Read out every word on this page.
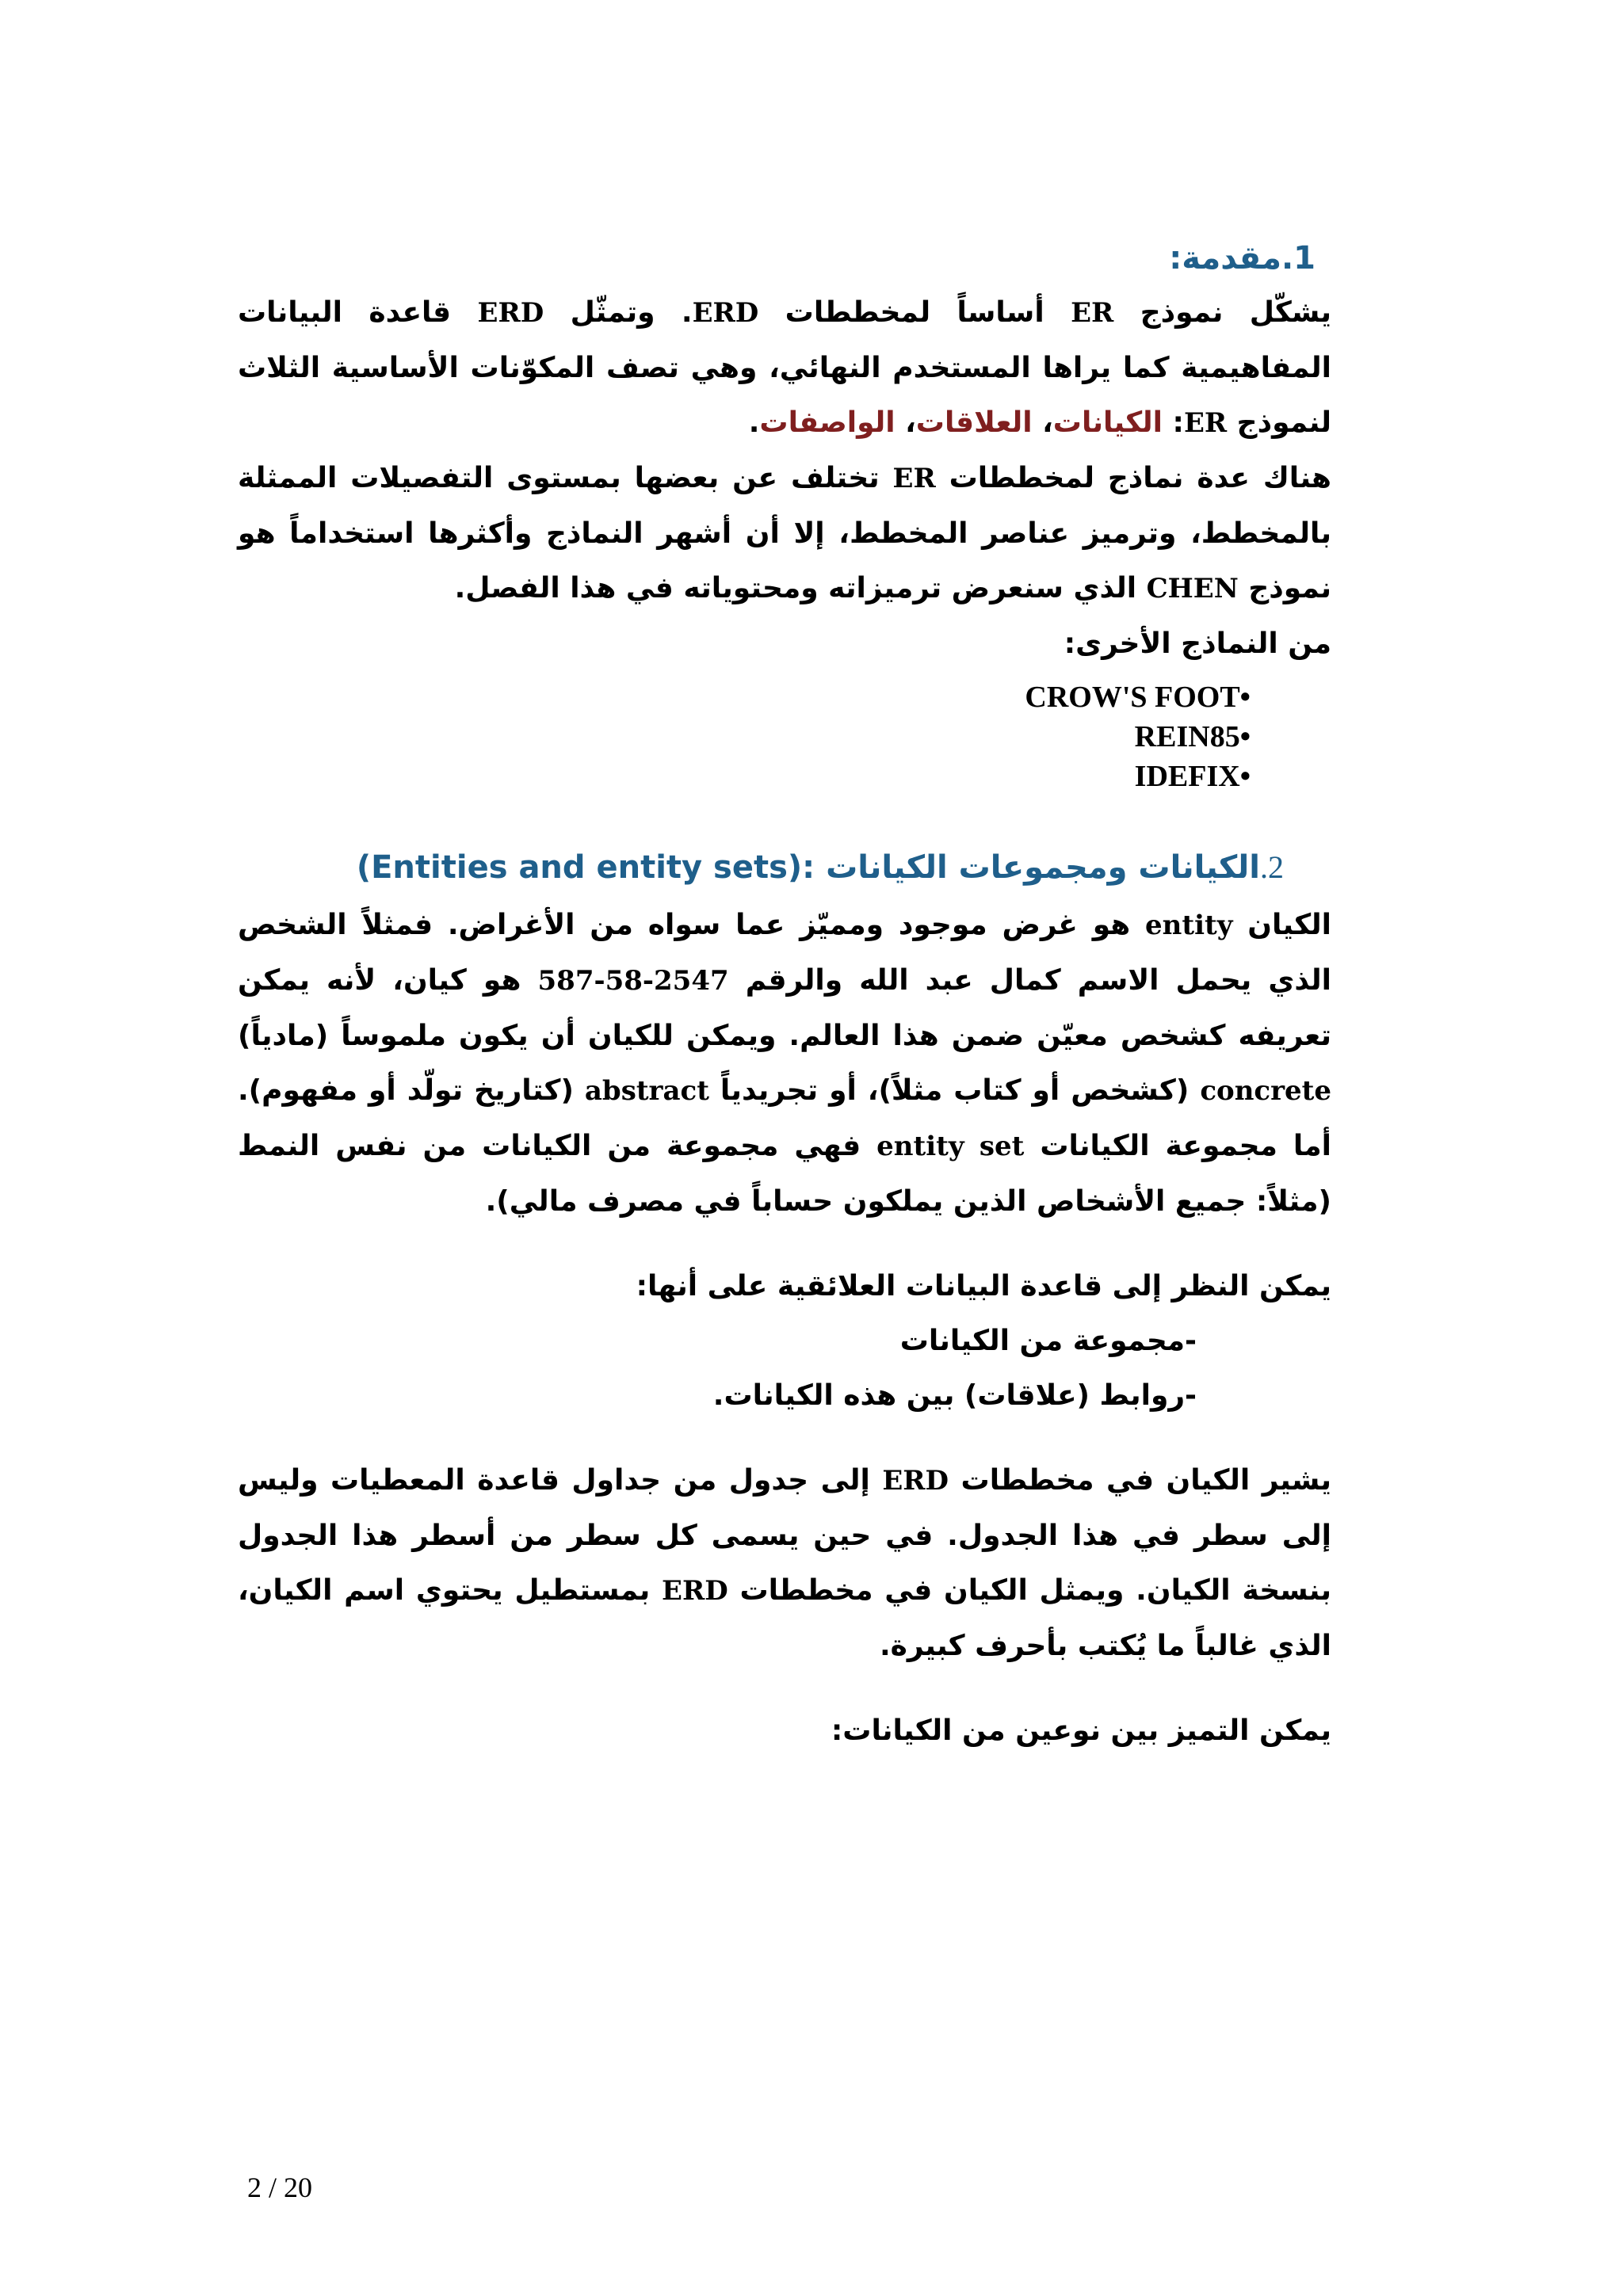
1.مقدمة:

يشكّل نموذج ER أساساً لمخططات ERD. وتمثّل ERD قاعدة البيانات المفاهيمية كما يراها المستخدم النهائي، وهي تصف المكوّنات الأساسية الثلاث لنموذج ER: الكيانات، العلاقات، الواصفات.

هناك عدة نماذج لمخططات ER تختلف عن بعضها بمستوى التفصيلات الممثلة بالمخطط، وترميز عناصر المخطط، إلا أن أشهر النماذج وأكثرها استخداماً هو نموذج CHEN الذي سنعرض ترميزاته ومحتوياته في هذا الفصل.

من النماذج الأخرى:

CROW'S FOOT•
REIN85•
IDEFIX•
2.الكيانات ومجموعات الكيانات (Entities and entity sets):

الكيان entity هو غرض موجود ومميّز عما سواه من الأغراض. فمثلاً الشخص الذي يحمل الاسم كمال عبد الله والرقم 587-58-2547 هو كيان، لأنه يمكن تعريفه كشخص معيّن ضمن هذا العالم. ويمكن للكيان أن يكون ملموساً (مادياً) concrete (كشخص أو كتاب مثلاً)، أو تجريدياً abstract (كتاريخ تولّد أو مفهوم). أما مجموعة الكيانات entity set فهي مجموعة من الكيانات من نفس النمط (مثلاً: جميع الأشخاص الذين يملكون حساباً في مصرف مالي).

يمكن النظر إلى قاعدة البيانات العلائقية على أنها:

-مجموعة من الكيانات

-روابط (علاقات) بين هذه الكيانات.

يشير الكيان في مخططات ERD إلى جدول من جداول قاعدة المعطيات وليس إلى سطر في هذا الجدول. في حين يسمى كل سطر من أسطر هذا الجدول بنسخة الكيان. ويمثل الكيان في مخططات ERD بمستطيل يحتوي اسم الكيان، الذي غالباً ما يُكتب بأحرف كبيرة.

يمكن التميز بين نوعين من الكيانات:

2 / 20
